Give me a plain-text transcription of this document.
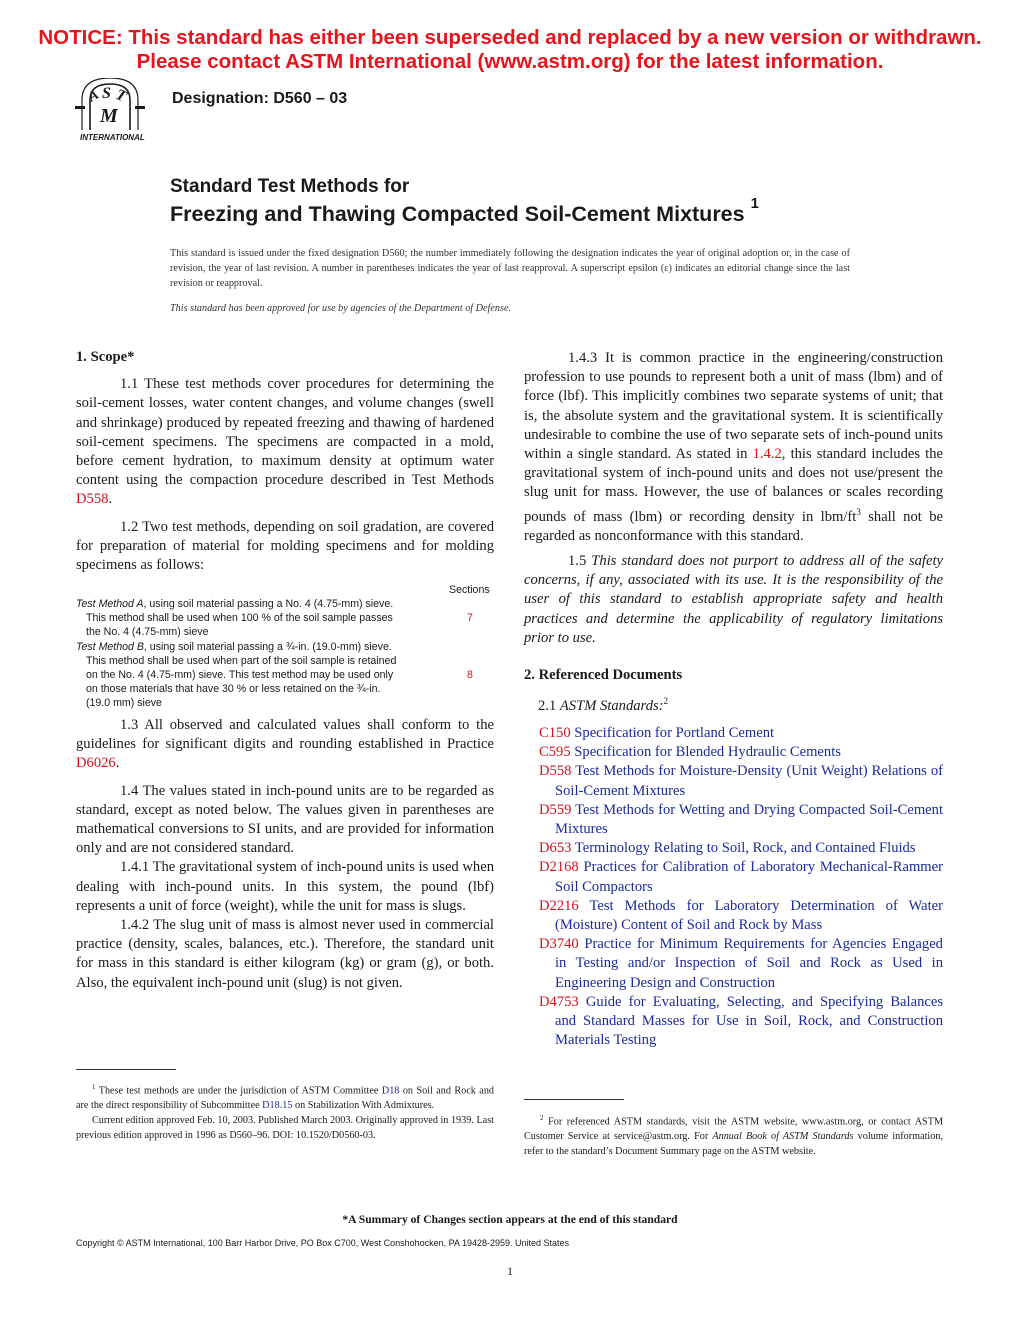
NOTICE: This standard has either been superseded and replaced by a new version or withdrawn.
Please contact ASTM International (www.astm.org) for the latest information.
A S T
M
INTERNATIONAL
Designation: D560 – 03
Standard Test Methods for
Freezing and Thawing Compacted Soil-Cement Mixtures $^1$
This standard is issued under the fixed designation D560; the number immediately following the designation indicates the year of original adoption or, in the case of revision, the year of last revision. A number in parentheses indicates the year of last reapproval. A superscript epsilon (ε) indicates an editorial change since the last revision or reapproval.
This standard has been approved for use by agencies of the Department of Defense.
1. Scope*

1.1 These test methods cover procedures for determining the soil-cement losses, water content changes, and volume changes (swell and shrinkage) produced by repeated freezing and thawing of hardened soil-cement specimens. The specimens are compacted in a mold, before cement hydration, to maximum density at optimum water content using the compaction procedure described in Test Methods D558.

1.2 Two test methods, depending on soil gradation, are covered for preparation of material for molding specimens and for molding specimens as follows:

Sections
Test Method A, using soil material passing a No. 4 (4.75-mm) sieve.
This method shall be used when 100 % of the soil sample passes
the No. 4 (4.75-mm) sieve
Test Method B, using soil material passing a ¾-in. (19.0-mm) sieve.
This method shall be used when part of the soil sample is retained
on the No. 4 (4.75-mm) sieve. This test method may be used only
on those materials that have 30 % or less retained on the ¾-in.
(19.0 mm) sieve
7
8

1.3 All observed and calculated values shall conform to the guidelines for significant digits and rounding established in Practice D6026.

1.4 The values stated in inch-pound units are to be regarded as standard, except as noted below. The values given in parentheses are mathematical conversions to SI units, and are provided for information only and are not considered standard.

1.4.1 The gravitational system of inch-pound units is used when dealing with inch-pound units. In this system, the pound (lbf) represents a unit of force (weight), while the unit for mass is slugs.

1.4.2 The slug unit of mass is almost never used in commercial practice (density, scales, balances, etc.). Therefore, the standard unit for mass in this standard is either kilogram (kg) or gram (g), or both. Also, the equivalent inch-pound unit (slug) is not given.

$^1$ These test methods are under the jurisdiction of ASTM Committee D18 on Soil and Rock and are the direct responsibility of Subcommittee D18.15 on Stabilization With Admixtures.
Current edition approved Feb. 10, 2003. Published March 2003. Originally approved in 1939. Last previous edition approved in 1996 as D560–96. DOI: 10.1520/D0560-03.

1.4.3 It is common practice in the engineering/construction profession to use pounds to represent both a unit of mass (lbm) and of force (lbf). This implicitly combines two separate systems of unit; that is, the absolute system and the gravitational system. It is scientifically undesirable to combine the use of two separate sets of inch-pound units within a single standard. As stated in 1.4.2, this standard includes the gravitational system of inch-pound units and does not use/present the slug unit for mass. However, the use of balances or scales recording pounds of mass (lbm) or recording density in lbm/$ft^3$ shall not be regarded as nonconformance with this standard.

1.5 This standard does not purport to address all of the safety concerns, if any, associated with its use. It is the responsibility of the user of this standard to establish appropriate safety and health practices and determine the applicability of regulatory limitations prior to use.

2. Referenced Documents

2.1 ASTM Standards:$^2$

C150 Specification for Portland Cement
C595 Specification for Blended Hydraulic Cements
D558 Test Methods for Moisture-Density (Unit Weight) Relations of Soil-Cement Mixtures
D559 Test Methods for Wetting and Drying Compacted Soil-Cement Mixtures
D653 Terminology Relating to Soil, Rock, and Contained Fluids
D2168 Practices for Calibration of Laboratory Mechanical-Rammer Soil Compactors
D2216 Test Methods for Laboratory Determination of Water (Moisture) Content of Soil and Rock by Mass
D3740 Practice for Minimum Requirements for Agencies Engaged in Testing and/or Inspection of Soil and Rock as Used in Engineering Design and Construction
D4753 Guide for Evaluating, Selecting, and Specifying Balances and Standard Masses for Use in Soil, Rock, and Construction Materials Testing
$^2$ For referenced ASTM standards, visit the ASTM website, www.astm.org, or contact ASTM Customer Service at service@astm.org. For Annual Book of ASTM Standards volume information, refer to the standard’s Document Summary page on the ASTM website.
*A Summary of Changes section appears at the end of this standard
Copyright © ASTM International, 100 Barr Harbor Drive, PO Box C700, West Conshohocken, PA 19428-2959. United States
1
